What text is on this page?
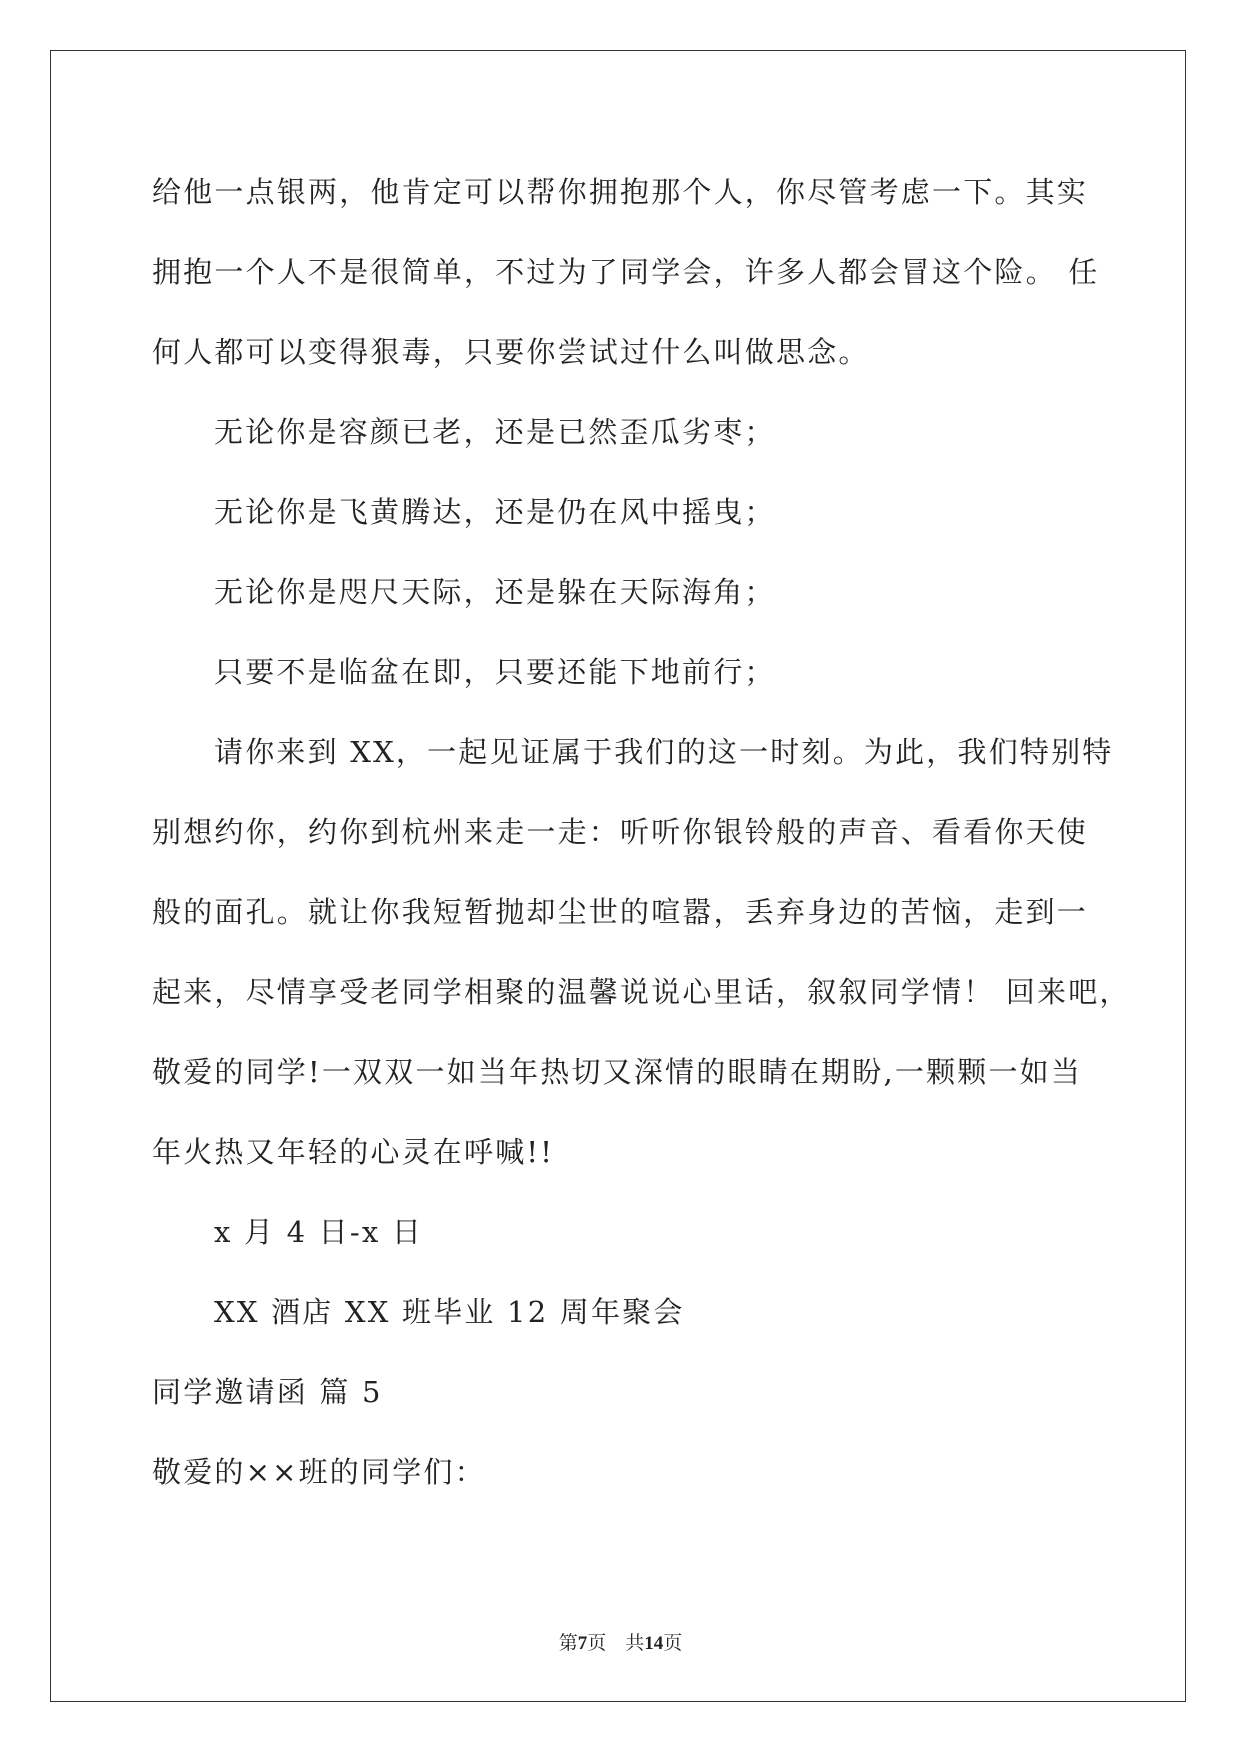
给他一点银两，他肯定可以帮你拥抱那个人，你尽管考虑一下。其实
拥抱一个人不是很简单，不过为了同学会，许多人都会冒这个险。 任
何人都可以变得狠毒，只要你尝试过什么叫做思念。
无论你是容颜已老，还是已然歪瓜劣枣；
无论你是飞黄腾达，还是仍在风中摇曳；
无论你是咫尺天际，还是躲在天际海角；
只要不是临盆在即，只要还能下地前行；
请你来到 XX，一起见证属于我们的这一时刻。为此，我们特别特
别想约你，约你到杭州来走一走：听听你银铃般的声音、看看你天使
般的面孔。就让你我短暂抛却尘世的喧嚣，丢弃身边的苦恼，走到一
起来，尽情享受老同学相聚的温馨说说心里话，叙叙同学情！ 回来吧，
敬爱的同学!一双双一如当年热切又深情的眼睛在期盼,一颗颗一如当
年火热又年轻的心灵在呼喊!!
x 月 4 日-x 日
XX 酒店 XX 班毕业 12 周年聚会
同学邀请函 篇 5
敬爱的××班的同学们：
第7页　共14页
